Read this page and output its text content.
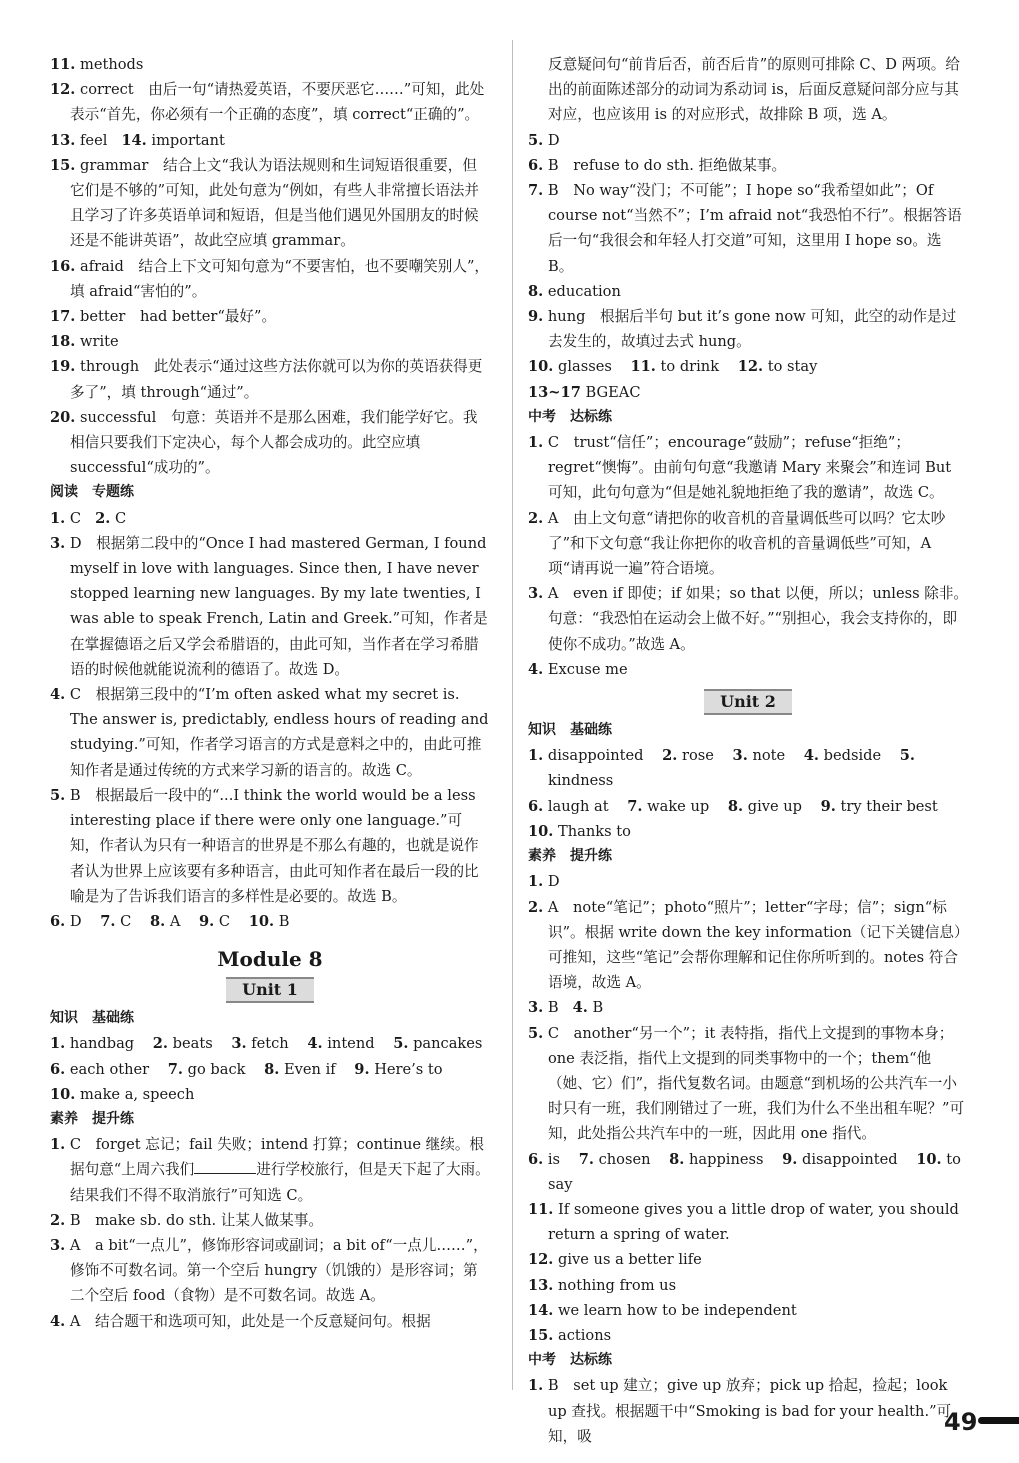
11. methods
12. correct　由后一句“请热爱英语，不要厌恶它……”可知，此处表示“首先，你必须有一个正确的态度”，填 correct“正确的”。
13. feel 14. important
15. grammar　结合上文“我认为语法规则和生词短语很重要，但它们是不够的”可知，此处句意为“例如，有些人非常擅长语法并且学习了许多英语单词和短语，但是当他们遇见外国朋友的时候还是不能讲英语”，故此空应填 grammar。
16. afraid　结合上下文可知句意为“不要害怕，也不要嘲笑别人”，填 afraid“害怕的”。
17. better　had better“最好”。
18. write
19. through　此处表示“通过这些方法你就可以为你的英语获得更多了”，填 through“通过”。
20. successful　句意：英语并不是那么困难，我们能学好它。我相信只要我们下定决心，每个人都会成功的。此空应填 successful“成功的”。
阅读　专题练
1. C 2. C
3. D　根据第二段中的“Once I had mastered German, I found myself in love with languages. Since then, I have never stopped learning new languages. By my late twenties, I was able to speak French, Latin and Greek.”可知，作者是在掌握德语之后又学会希腊语的，由此可知，当作者在学习希腊语的时候他就能说流利的德语了。故选 D。
4. C　根据第三段中的“I’m often asked what my secret is. The answer is, predictably, endless hours of reading and studying.”可知，作者学习语言的方式是意料之中的，由此可推知作者是通过传统的方式来学习新的语言的。故选 C。
5. B　根据最后一段中的“...I think the world would be a less interesting place if there were only one language.”可知，作者认为只有一种语言的世界是不那么有趣的，也就是说作者认为世界上应该要有多种语言，由此可知作者在最后一段的比喻是为了告诉我们语言的多样性是必要的。故选 B。
6. D 7. C 8. A 9. C 10. B
Module 8
Unit 1
知识　基础练
1. handbag 2. beats 3. fetch 4. intend 5. pancakes
6. each other 7. go back 8. Even if 9. Here’s to
10. make a, speech
素养　提升练
1. C　forget 忘记；fail 失败；intend 打算；continue 继续。根据句意“上周六我们	进行学校旅行，但是天下起了大雨。结果我们不得不取消旅行”可知选 C。
2. B　make sb. do sth. 让某人做某事。
3. A　a bit“一点儿”，修饰形容词或副词；a bit of“一点儿……”，修饰不可数名词。第一个空后 hungry（饥饿的）是形容词；第二个空后 food（食物）是不可数名词。故选 A。
4. A　结合题干和选项可知，此处是一个反意疑问句。根据
反意疑问句“前肯后否，前否后肯”的原则可排除 C、D 两项。给出的前面陈述部分的动词为系动词 is，后面反意疑问部分应与其对应，也应该用 is 的对应形式，故排除 B 项，选 A。
5. D
6. B　refuse to do sth. 拒绝做某事。
7. B　No way“没门；不可能”；I hope so“我希望如此”；Of course not“当然不”；I’m afraid not“我恐怕不行”。根据答语后一句“我很会和年轻人打交道”可知，这里用 I hope so。选 B。
8. education
9. hung　根据后半句 but it’s gone now 可知，此空的动作是过去发生的，故填过去式 hung。
10. glasses 11. to drink 12. to stay
13~17 BGEAC
中考　达标练
1. C　trust“信任”；encourage“鼓励”；refuse“拒绝”；regret“懊悔”。由前句句意“我邀请 Mary 来聚会”和连词 But 可知，此句句意为“但是她礼貌地拒绝了我的邀请”，故选 C。
2. A　由上文句意“请把你的收音机的音量调低些可以吗？它太吵了”和下文句意“我让你把你的收音机的音量调低些”可知，A 项“请再说一遍”符合语境。
3. A　even if 即使；if 如果；so that 以便，所以；unless 除非。句意：“我恐怕在运动会上做不好。”“别担心，我会支持你的，即使你不成功。”故选 A。
4. Excuse me
Unit 2
知识　基础练
1. disappointed 2. rose 3. note 4. bedside 5. kindness
6. laugh at 7. wake up 8. give up 9. try their best
10. Thanks to
素养　提升练
1. D
2. A　note“笔记”；photo“照片”；letter“字母；信”；sign“标识”。根据 write down the key information（记下关键信息）可推知，这些“笔记”会帮你理解和记住你所听到的。notes 符合语境，故选 A。
3. B 4. B
5. C　another“另一个”；it 表特指，指代上文提到的事物本身；one 表泛指，指代上文提到的同类事物中的一个；them“他（她、它）们”，指代复数名词。由题意“到机场的公共汽车一小时只有一班，我们刚错过了一班，我们为什么不坐出租车呢？”可知，此处指公共汽车中的一班，因此用 one 指代。
6. is 7. chosen 8. happiness 9. disappointed 10. to say
11. If someone gives you a little drop of water, you should return a spring of water.
12. give us a better life
13. nothing from us
14. we learn how to be independent
15. actions
中考　达标练
1. B　set up 建立；give up 放弃；pick up 拾起，捡起；look up 查找。根据题干中“Smoking is bad for your health.”可知，吸
49
